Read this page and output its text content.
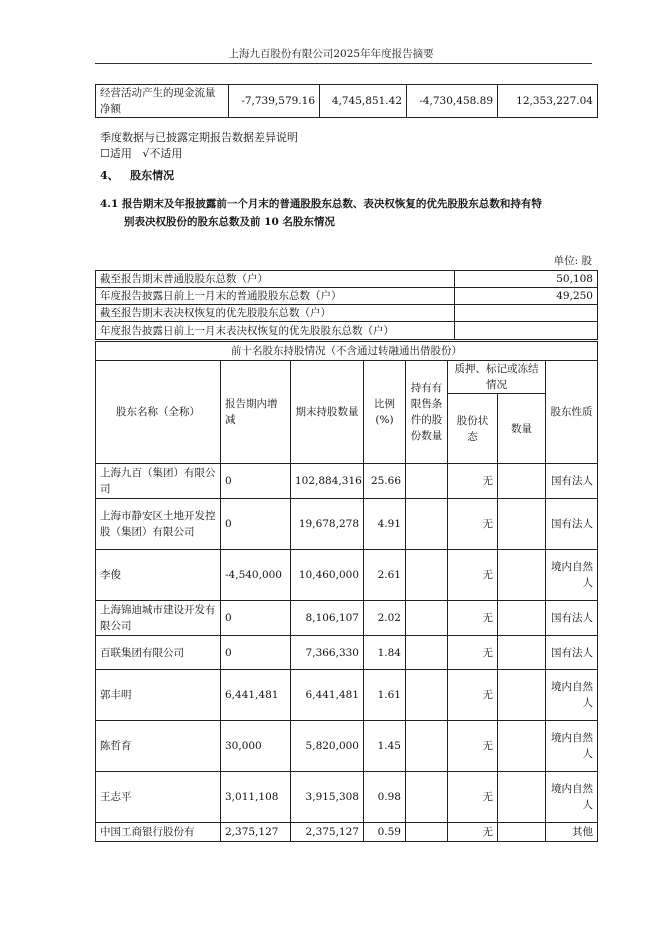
上海九百股份有限公司2025年年度报告摘要
经营活动产生的现金流量净额	-7,739,579.16	4,745,851.42	-4,730,458.89	12,353,227.04
季度数据与已披露定期报告数据差异说明
☐适用 √不适用
4、 股东情况
4.1 报告期末及年报披露前一个月末的普通股股东总数、表决权恢复的优先股股东总数和持有特
别表决权股份的股东总数及前 10 名股东情况
单位: 股
截至报告期末普通股股东总数（户）	50,108
年度报告披露日前上一月末的普通股股东总数（户）	49,250
截至报告期末表决权恢复的优先股股东总数（户）	
年度报告披露日前上一月末表决权恢复的优先股股东总数（户）	
前十名股东持股情况（不含通过转融通出借股份）							
股东名称（全称）	报告期内增减	期末持股数量	比例(%)	持有有限售条件的股份数量	质押、标记或冻结情况		股东性质
					股份状态	数量	
上海九百（集团）有限公司	0	102,884,316	25.66		无		国有法人
上海市静安区土地开发控股（集团）有限公司	0	19,678,278	4.91		无		国有法人
李俊	-4,540,000	10,460,000	2.61		无		境内自然人
上海锦迪城市建设开发有限公司	0	8,106,107	2.02		无		国有法人
百联集团有限公司	0	7,366,330	1.84		无		国有法人
郭丰明	6,441,481	6,441,481	1.61		无		境内自然人
陈哲育	30,000	5,820,000	1.45		无		境内自然人
王志平	3,011,108	3,915,308	0.98		无		境内自然人
中国工商银行股份有	2,375,127	2,375,127	0.59		无		其他
